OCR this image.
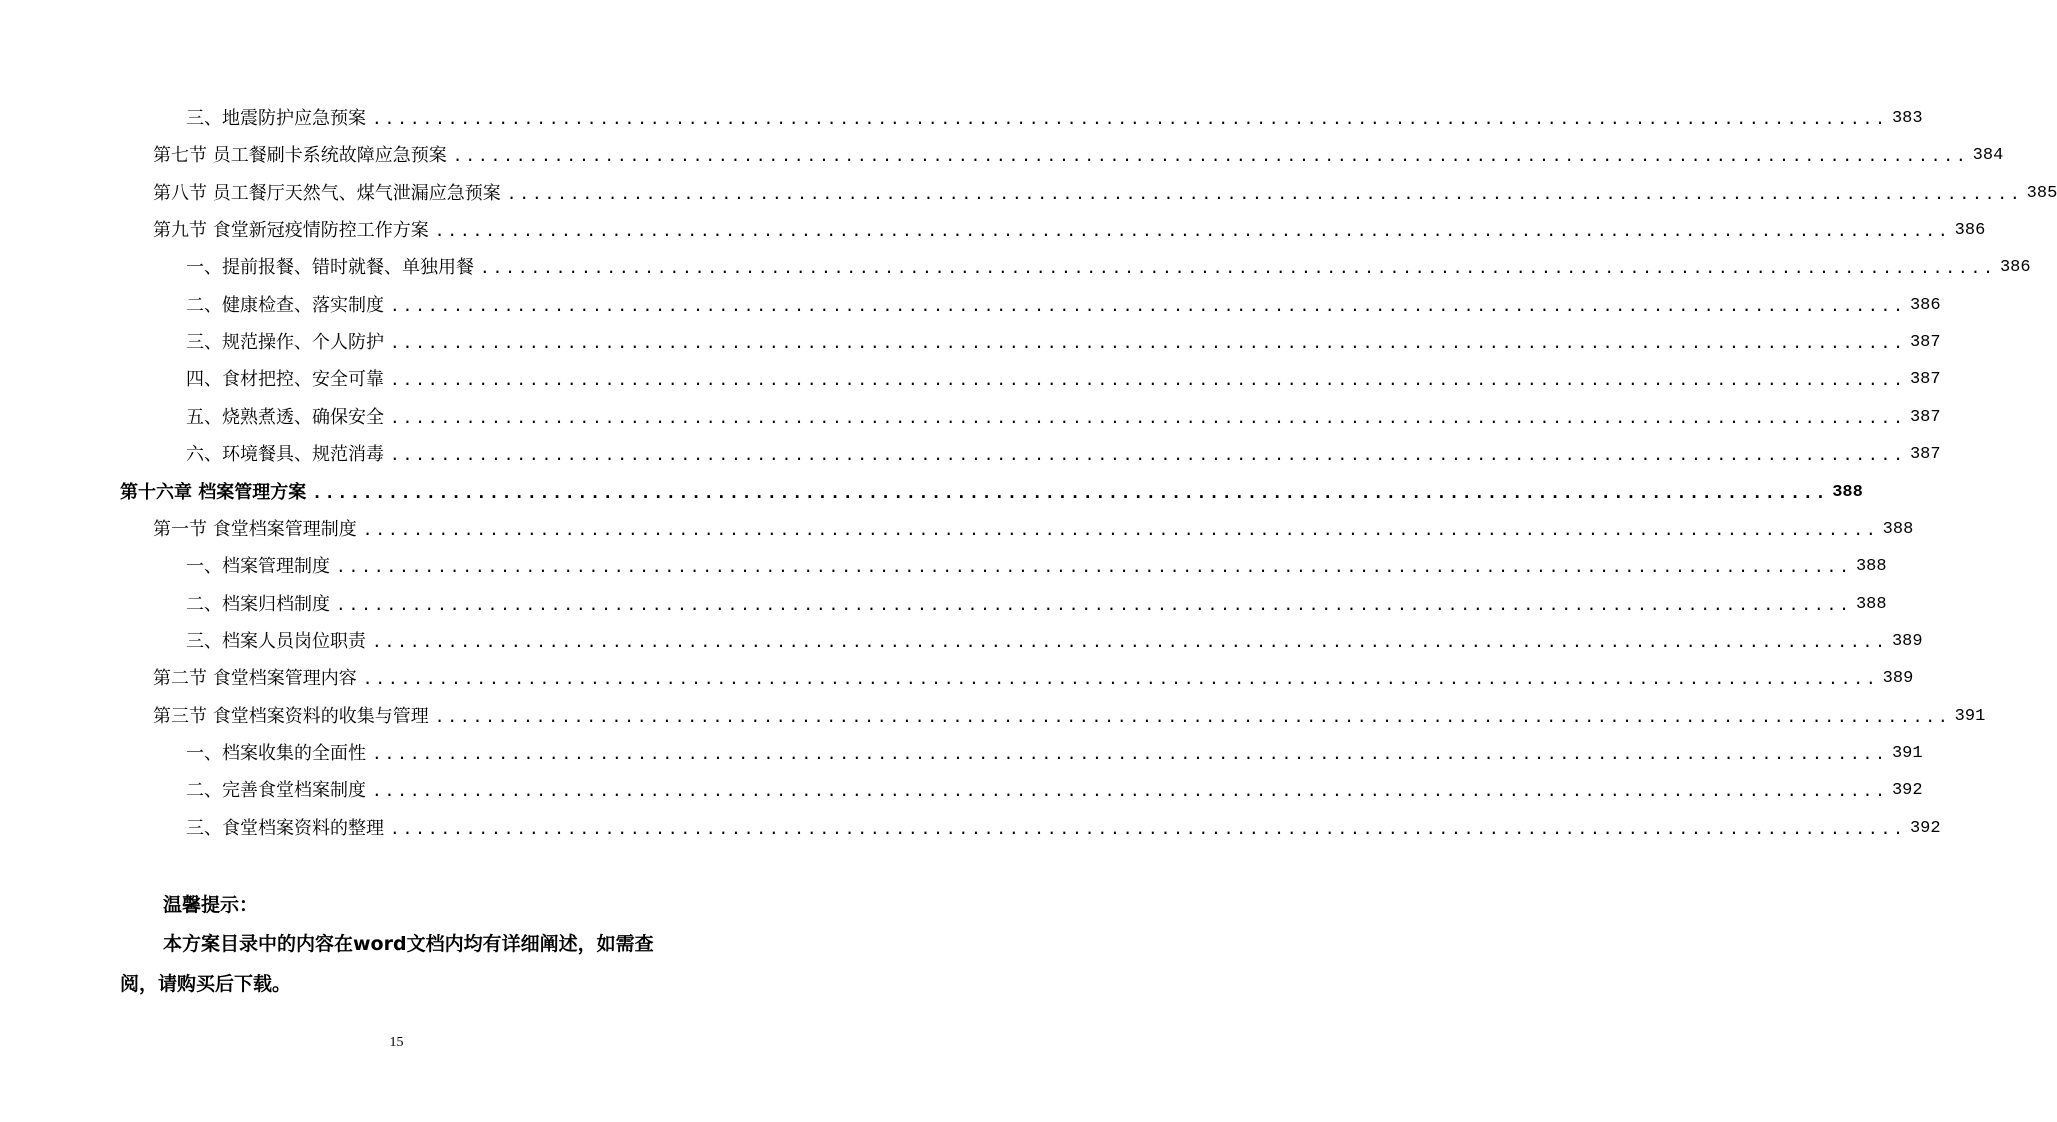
三、地震防护应急预案 ........................................................................................................................ 383
第七节 员工餐刷卡系统故障应急预案 ........................................................................................................................ 384
第八节 员工餐厅天然气、煤气泄漏应急预案 ........................................................................................................................ 385
第九节 食堂新冠疫情防控工作方案 ........................................................................................................................ 386
一、提前报餐、错时就餐、单独用餐 ........................................................................................................................ 386
二、健康检查、落实制度 ........................................................................................................................ 386
三、规范操作、个人防护 ........................................................................................................................ 387
四、食材把控、安全可靠 ........................................................................................................................ 387
五、烧熟煮透、确保安全 ........................................................................................................................ 387
六、环境餐具、规范消毒 ........................................................................................................................ 387
第十六章 档案管理方案 ........................................................................................................................ 388
第一节 食堂档案管理制度 ........................................................................................................................ 388
一、档案管理制度 ........................................................................................................................ 388
二、档案归档制度 ........................................................................................................................ 388
三、档案人员岗位职责 ........................................................................................................................ 389
第二节 食堂档案管理内容 ........................................................................................................................ 389
第三节 食堂档案资料的收集与管理 ........................................................................................................................ 391
一、档案收集的全面性 ........................................................................................................................ 391
二、完善食堂档案制度 ........................................................................................................................ 392
三、食堂档案资料的整理 ........................................................................................................................ 392
温馨提示：
本方案目录中的内容在word文档内均有详细阐述，如需查阅，请购买后下载。
15
